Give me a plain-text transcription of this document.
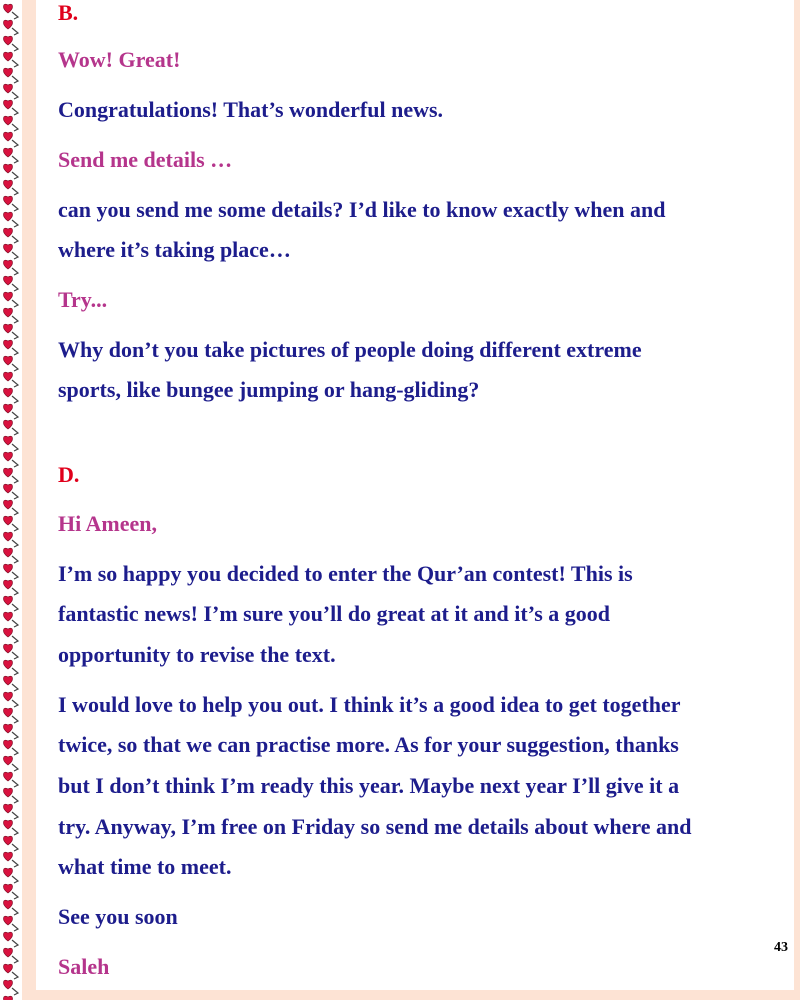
B.

Wow! Great!

Congratulations! That’s wonderful news.

Send me details …

can you send me some details? I’d like to know exactly when and

where it’s taking place…

Try...

Why don’t you take pictures of people doing different extreme

sports, like bungee jumping or hang-gliding?

D.

Hi Ameen,

I’m so happy you decided to enter the Qur’an contest! This is

fantastic news! I’m sure you’ll do great at it and it’s a good

opportunity to revise the text.

I would love to help you out. I think it’s a good idea to get together

twice, so that we can practise more. As for your suggestion, thanks

but I don’t think I’m ready this year. Maybe next year I’ll give it a

try. Anyway, I’m free on Friday so send me details about where and

what time to meet.

See you soon

Saleh

43
